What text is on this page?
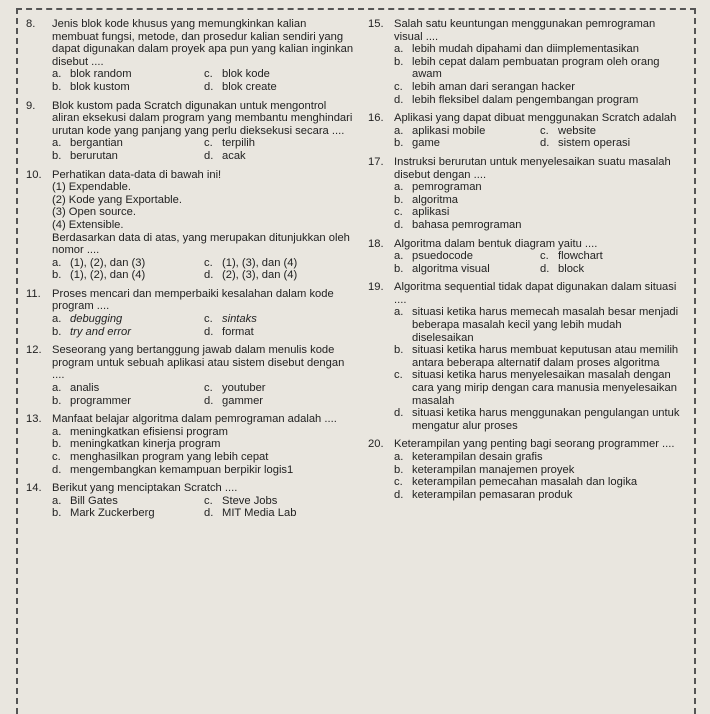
8.	Jenis blok kode khusus yang memungkinkan kalian membuat fungsi, metode, dan prosedur kalian sendiri yang dapat digunakan dalam proyek apa pun yang kalian inginkan disebut ....
a. blok random	c. blok kode
b. blok kustom	d. blok create
9.	Blok kustom pada Scratch digunakan untuk mengontrol aliran eksekusi dalam program yang membantu menghindari urutan kode yang panjang yang perlu dieksekusi secara ....
a. bergantian	c. terpilih
b. berurutan	d. acak
10. Perhatikan data-data di bawah ini!
(1) Expendable.
(2) Kode yang Exportable.
(3) Open source.
(4) Extensible.
Berdasarkan data di atas, yang merupakan ditunjukkan oleh nomor ....
a. (1), (2), dan (3)	c. (1), (3), dan (4)
b. (1), (2), dan (4)	d. (2), (3), dan (4)
11.	Proses mencari dan memperbaiki kesalahan dalam kode program ....
a. debugging	c. sintaks
b. try and error	d. format
12. Seseorang yang bertanggung jawab dalam menulis kode program untuk sebuah aplikasi atau sistem disebut dengan ....
a. analis	c. youtuber
b. programmer	d. gammer
13. Manfaat belajar algoritma dalam pemrograman adalah ....
a. meningkatkan efisiensi program
b. meningkatkan kinerja program
c. menghasilkan program yang lebih cepat
d. mengembangkan kemampuan berpikir logis1
14. Berikut yang menciptakan Scratch ....
a. Bill Gates	c. Steve Jobs
b. Mark Zuckerberg	d. MIT Media Lab
15. Salah satu keuntungan menggunakan pemrograman visual ....
a. lebih mudah dipahami dan diimplementasikan
b. lebih cepat dalam pembuatan program oleh orang awam
c. lebih aman dari serangan hacker
d. lebih fleksibel dalam pengembangan program
16. Aplikasi yang dapat dibuat menggunakan Scratch adalah
a. aplikasi mobile	c. website
b. game	d. sistem operasi
17. Instruksi berurutan untuk menyelesaikan suatu masalah disebut dengan ....
a. pemrograman
b. algoritma
c. aplikasi
d. bahasa pemrograman
18. Algoritma dalam bentuk diagram yaitu ....
a. psuedocode	c. flowchart
b. algoritma visual	d. block
19. Algoritma sequential tidak dapat digunakan dalam situasi ....
a. situasi ketika harus memecah masalah besar menjadi beberapa masalah kecil yang lebih mudah diselesaikan
b. situasi ketika harus membuat keputusan atau memilih antara beberapa alternatif dalam proses algoritma
c. situasi ketika harus menyelesaikan masalah dengan cara yang mirip dengan cara manusia menyelesaikan masalah
d. situasi ketika harus menggunakan pengulangan untuk mengatur alur proses
20. Keterampilan yang penting bagi seorang programmer ....
a. keterampilan desain grafis
b. keterampilan manajemen proyek
c. keterampilan pemecahan masalah dan logika
d. keterampilan pemasaran produk
